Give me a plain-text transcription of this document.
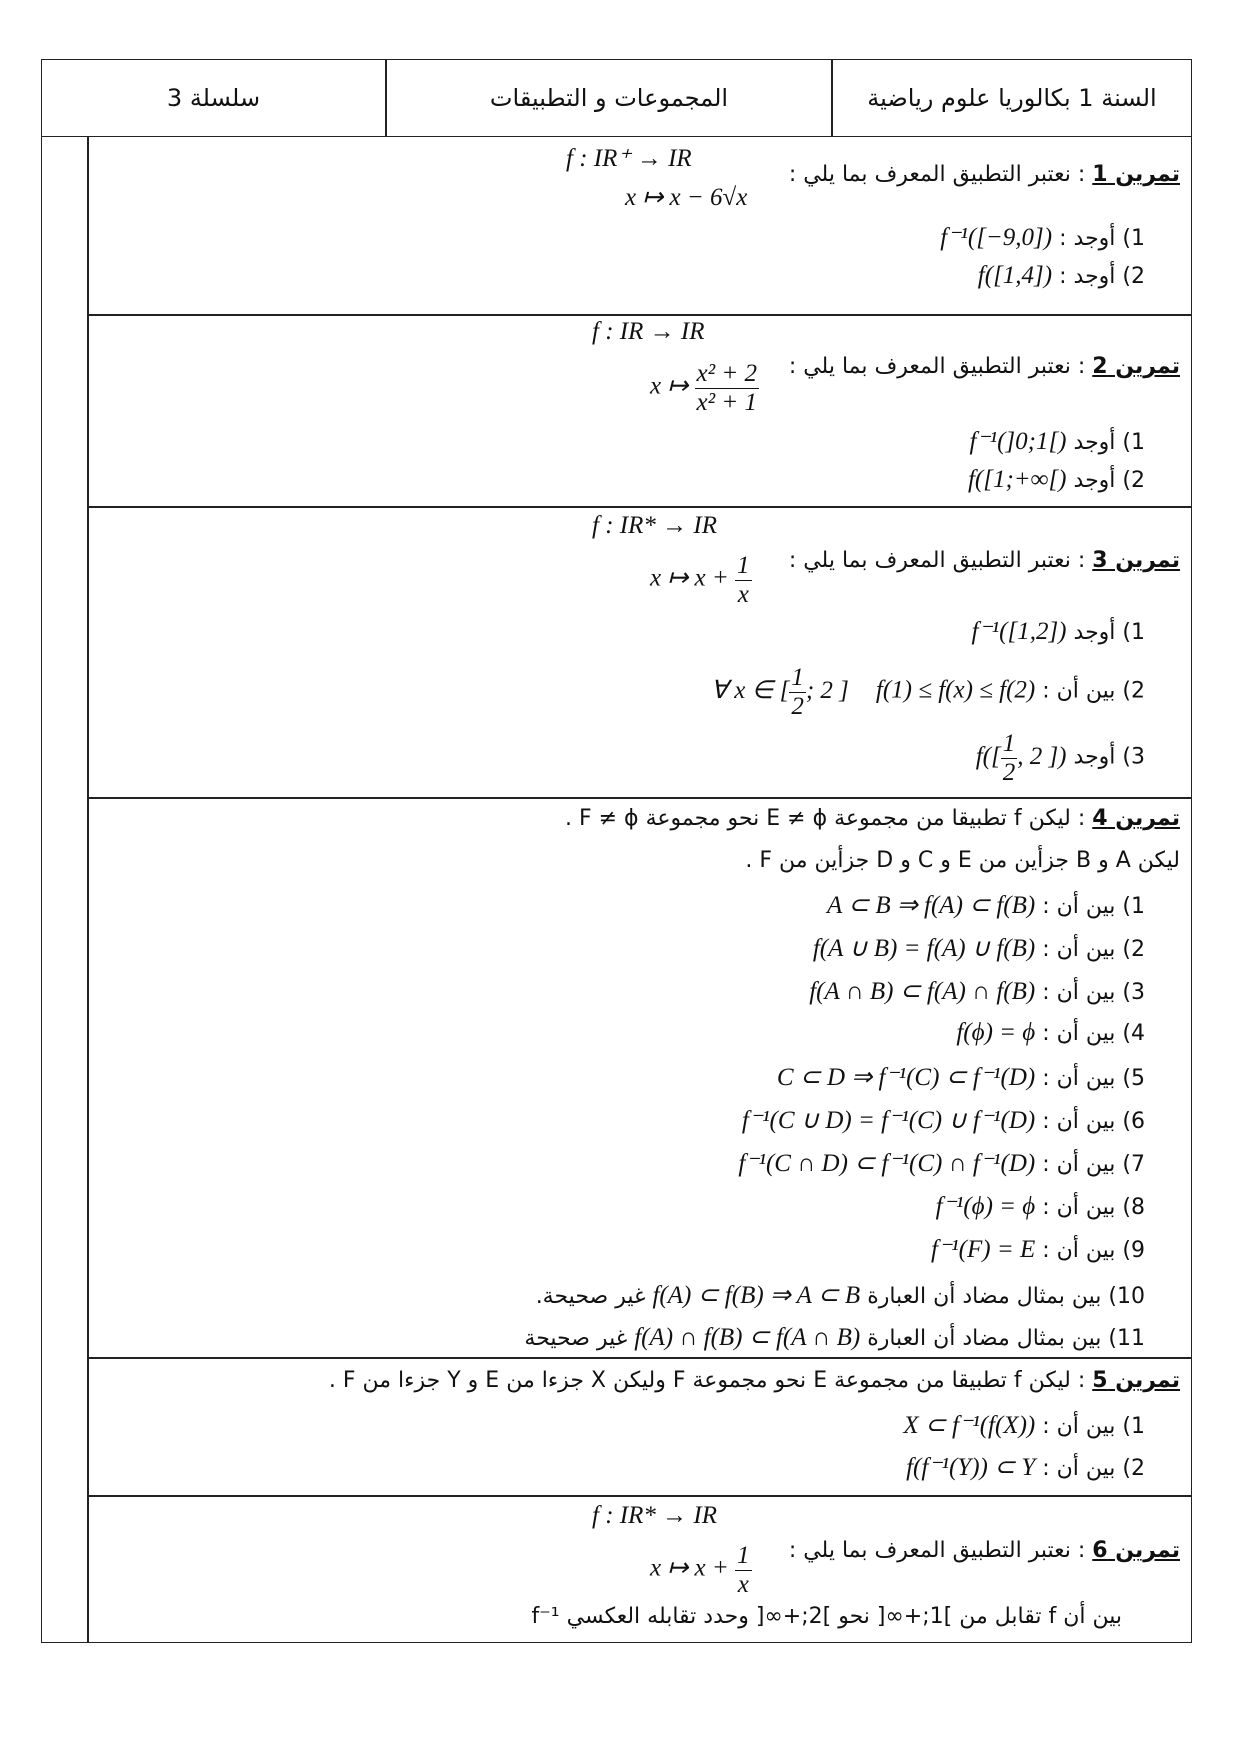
سلسلة 3	المجموعات و التطبيقات	السنة 1 بكالوريا علوم رياضية
f : IR⁺ → IR
x ↦ x − 6√x
تمرين 1 : نعتبر التطبيق المعرف بما يلي :
1) أوجد : f⁻¹([−9,0])
2) أوجد : f([1,4])
f : IR → IR
x ↦ $\frac{\text{x² + 2}}{\text{x² + 1}}$	تمرين 2 : نعتبر التطبيق المعرف بما يلي :
1) أوجد f⁻¹(]0;1[)
2) أوجد f([1;+∞[)
f : IR* → IR
x ↦ $x + \frac{1}{x}$	تمرين 3 : نعتبر التطبيق المعرف بما يلي :
1) أوجد f⁻¹([1,2])
2) بين أن : f(1) ≤ f(x) ≤ f(2) ∀ x ∈ [ $\frac{1}{2}$ ; 2 ]
3) أوجد $f([ \frac{1}{2}$ , 2 ])
تمرين 4 : ليكن f تطبيقا من مجموعة E ≠ ϕ نحو مجموعة F ≠ ϕ .
ليكن A و B جزأين من E و C و D جزأين من F .
1) بين أن : A ⊂ B ⇒ f(A) ⊂ f(B)
2) بين أن : f(A ∪ B) = f(A) ∪ f(B)
3) بين أن : f(A ∩ B) ⊂ f(A) ∩ f(B)
4) بين أن : f(ϕ) = ϕ
5) بين أن : C ⊂ D ⇒ f⁻¹(C) ⊂ f⁻¹(D)
6) بين أن : f⁻¹(C ∪ D) = f⁻¹(C) ∪ f⁻¹(D)
7) بين أن : f⁻¹(C ∩ D) ⊂ f⁻¹(C) ∩ f⁻¹(D)
8) بين أن : f⁻¹(ϕ) = ϕ
9) بين أن : f⁻¹(F) = E
10) بين بمثال مضاد أن العبارة f(A) ⊂ f(B) ⇒ A ⊂ B غير صحيحة.
11) بين بمثال مضاد أن العبارة f(A) ∩ f(B) ⊂ f(A ∩ B) غير صحيحة
تمرين 5 : ليكن f تطبيقا من مجموعة E نحو مجموعة F وليكن X جزءا من E و Y جزءا من F .
1) بين أن : X ⊂ f⁻¹(f(X))
2) بين أن : f(f⁻¹(Y)) ⊂ Y
f : IR* → IR
x ↦ $x + \frac{1}{x}$	تمرين 6 : نعتبر التطبيق المعرف بما يلي :
بين أن f تقابل من ]1;+∞[ نحو ]2;+∞[ وحدد تقابله العكسي f⁻¹
